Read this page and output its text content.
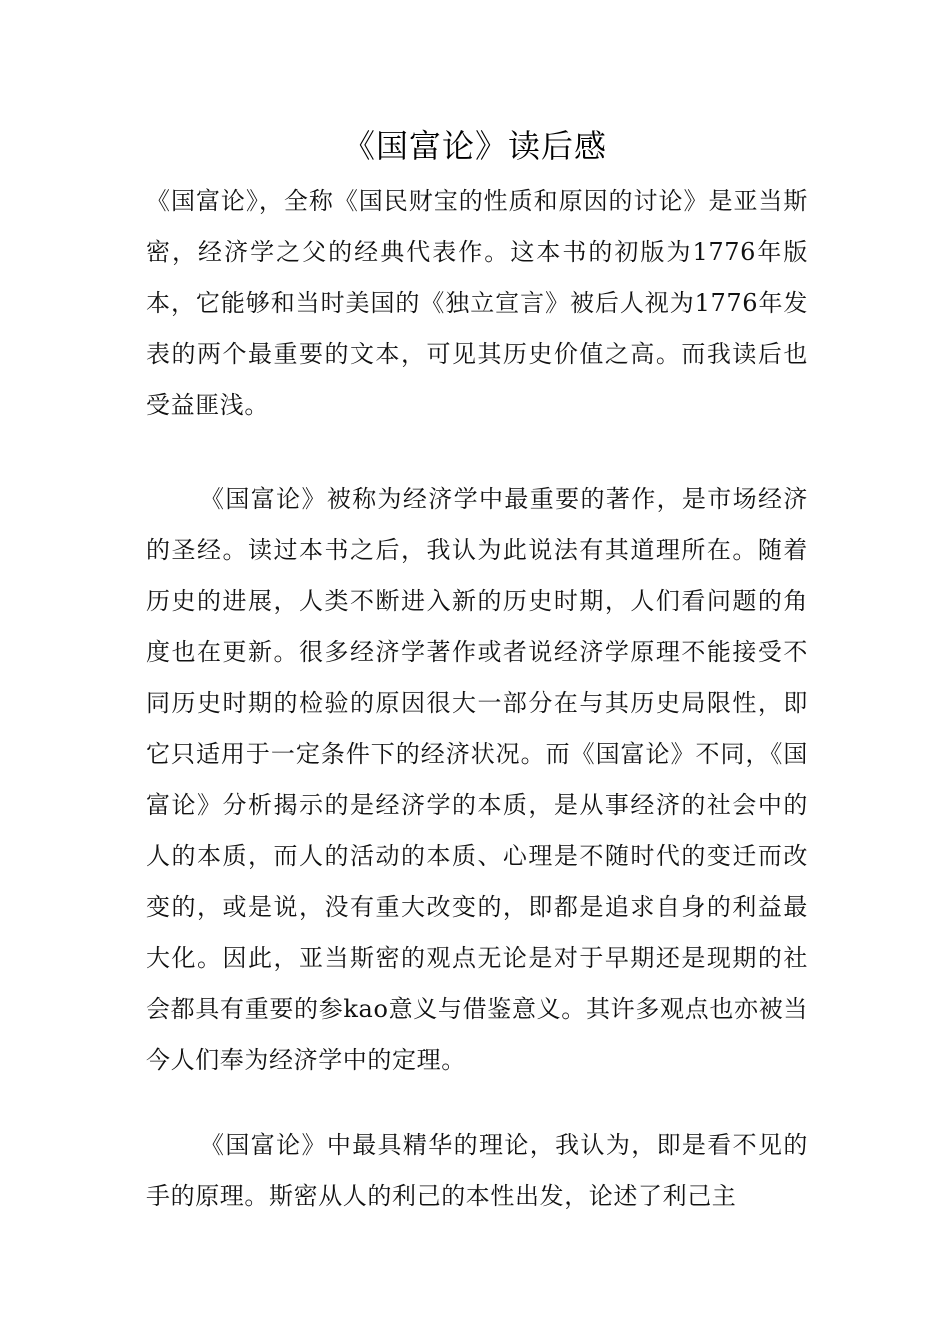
《国富论》读后感

《国富论》，全称《国民财宝的性质和原因的讨论》是亚当斯密，经济学之父的经典代表作。这本书的初版为1776年版本，它能够和当时美国的《独立宣言》被后人视为1776年发表的两个最重要的文本，可见其历史价值之高。而我读后也受益匪浅。

《国富论》被称为经济学中最重要的著作，是市场经济的圣经。读过本书之后，我认为此说法有其道理所在。随着历史的进展，人类不断进入新的历史时期，人们看问题的角度也在更新。很多经济学著作或者说经济学原理不能接受不同历史时期的检验的原因很大一部分在与其历史局限性，即它只适用于一定条件下的经济状况。而《国富论》不同，《国富论》分析揭示的是经济学的本质，是从事经济的社会中的人的本质，而人的活动的本质、心理是不随时代的变迁而改变的，或是说，没有重大改变的，即都是追求自身的利益最大化。因此，亚当斯密的观点无论是对于早期还是现期的社会都具有重要的参kao意义与借鉴意义。其许多观点也亦被当今人们奉为经济学中的定理。

《国富论》中最具精华的理论，我认为，即是看不见的手的原理。斯密从人的利己的本性出发，论述了利己主
